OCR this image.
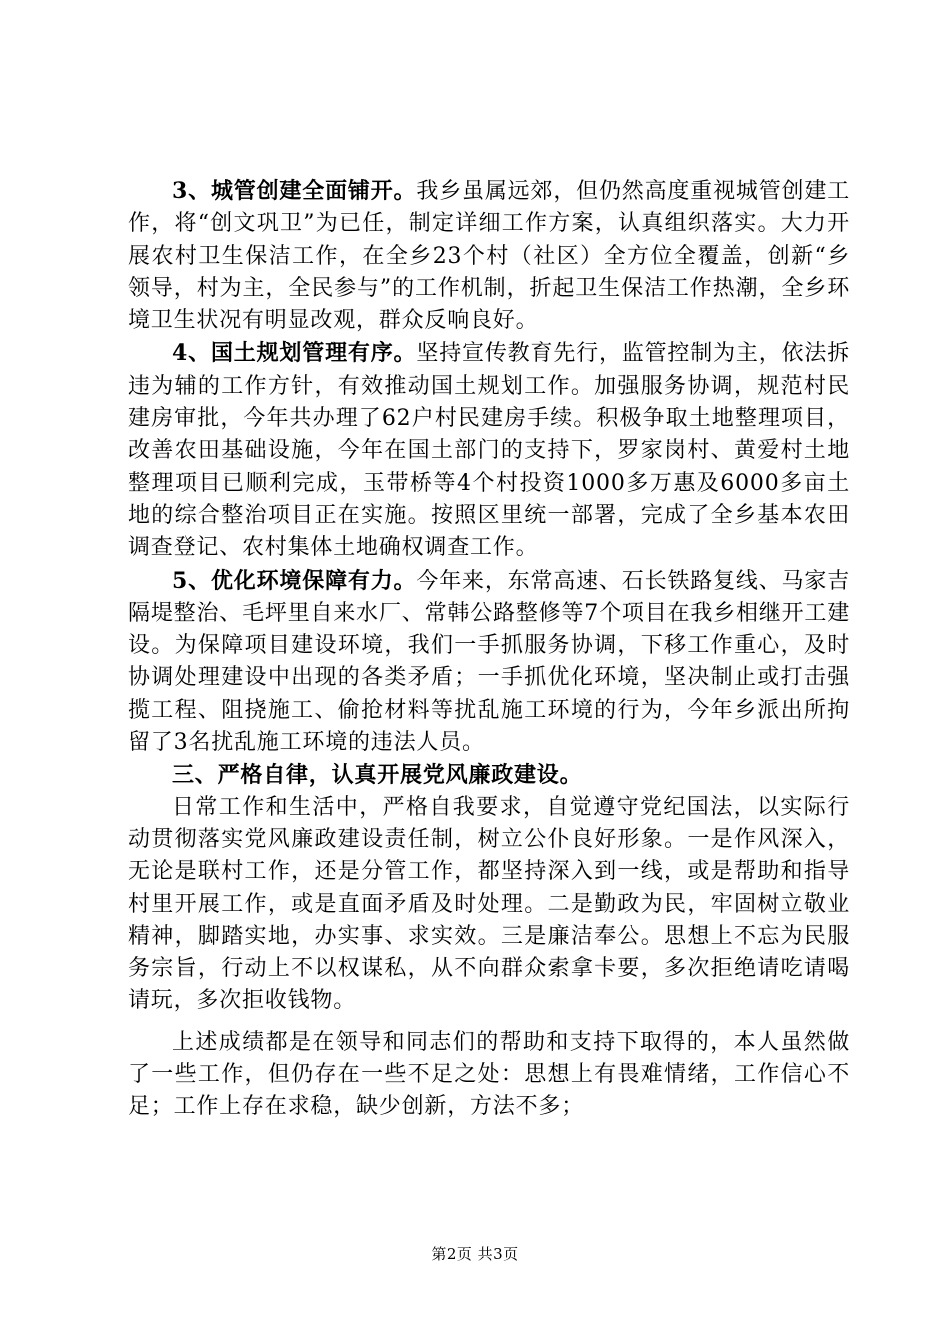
3、城管创建全面铺开。我乡虽属远郊，但仍然高度重视城管创建工作，将“创文巩卫”为已任，制定详细工作方案，认真组织落实。大力开展农村卫生保洁工作，在全乡23个村（社区）全方位全覆盖，创新“乡领导，村为主，全民参与”的工作机制，折起卫生保洁工作热潮，全乡环境卫生状况有明显改观，群众反响良好。

4、国土规划管理有序。坚持宣传教育先行，监管控制为主，依法拆违为辅的工作方针，有效推动国土规划工作。加强服务协调，规范村民建房审批，今年共办理了62户村民建房手续。积极争取土地整理项目，改善农田基础设施，今年在国土部门的支持下，罗家岗村、黄爱村土地整理项目已顺利完成，玉带桥等4个村投资1000多万惠及6000多亩土地的综合整治项目正在实施。按照区里统一部署，完成了全乡基本农田调查登记、农村集体土地确权调查工作。

5、优化环境保障有力。今年来，东常高速、石长铁路复线、马家吉隔堤整治、毛坪里自来水厂、常韩公路整修等7个项目在我乡相继开工建设。为保障项目建设环境，我们一手抓服务协调，下移工作重心，及时协调处理建设中出现的各类矛盾；一手抓优化环境，坚决制止或打击强揽工程、阻挠施工、偷抢材料等扰乱施工环境的行为，今年乡派出所拘留了3名扰乱施工环境的违法人员。

三、严格自律，认真开展党风廉政建设。

日常工作和生活中，严格自我要求，自觉遵守党纪国法，以实际行动贯彻落实党风廉政建设责任制，树立公仆良好形象。一是作风深入，无论是联村工作，还是分管工作，都坚持深入到一线，或是帮助和指导村里开展工作，或是直面矛盾及时处理。二是勤政为民，牢固树立敬业精神，脚踏实地，办实事、求实效。三是廉洁奉公。思想上不忘为民服务宗旨，行动上不以权谋私，从不向群众索拿卡要，多次拒绝请吃请喝请玩，多次拒收钱物。

上述成绩都是在领导和同志们的帮助和支持下取得的，本人虽然做了一些工作，但仍存在一些不足之处：思想上有畏难情绪，工作信心不足；工作上存在求稳，缺少创新，方法不多；

第2页 共3页
